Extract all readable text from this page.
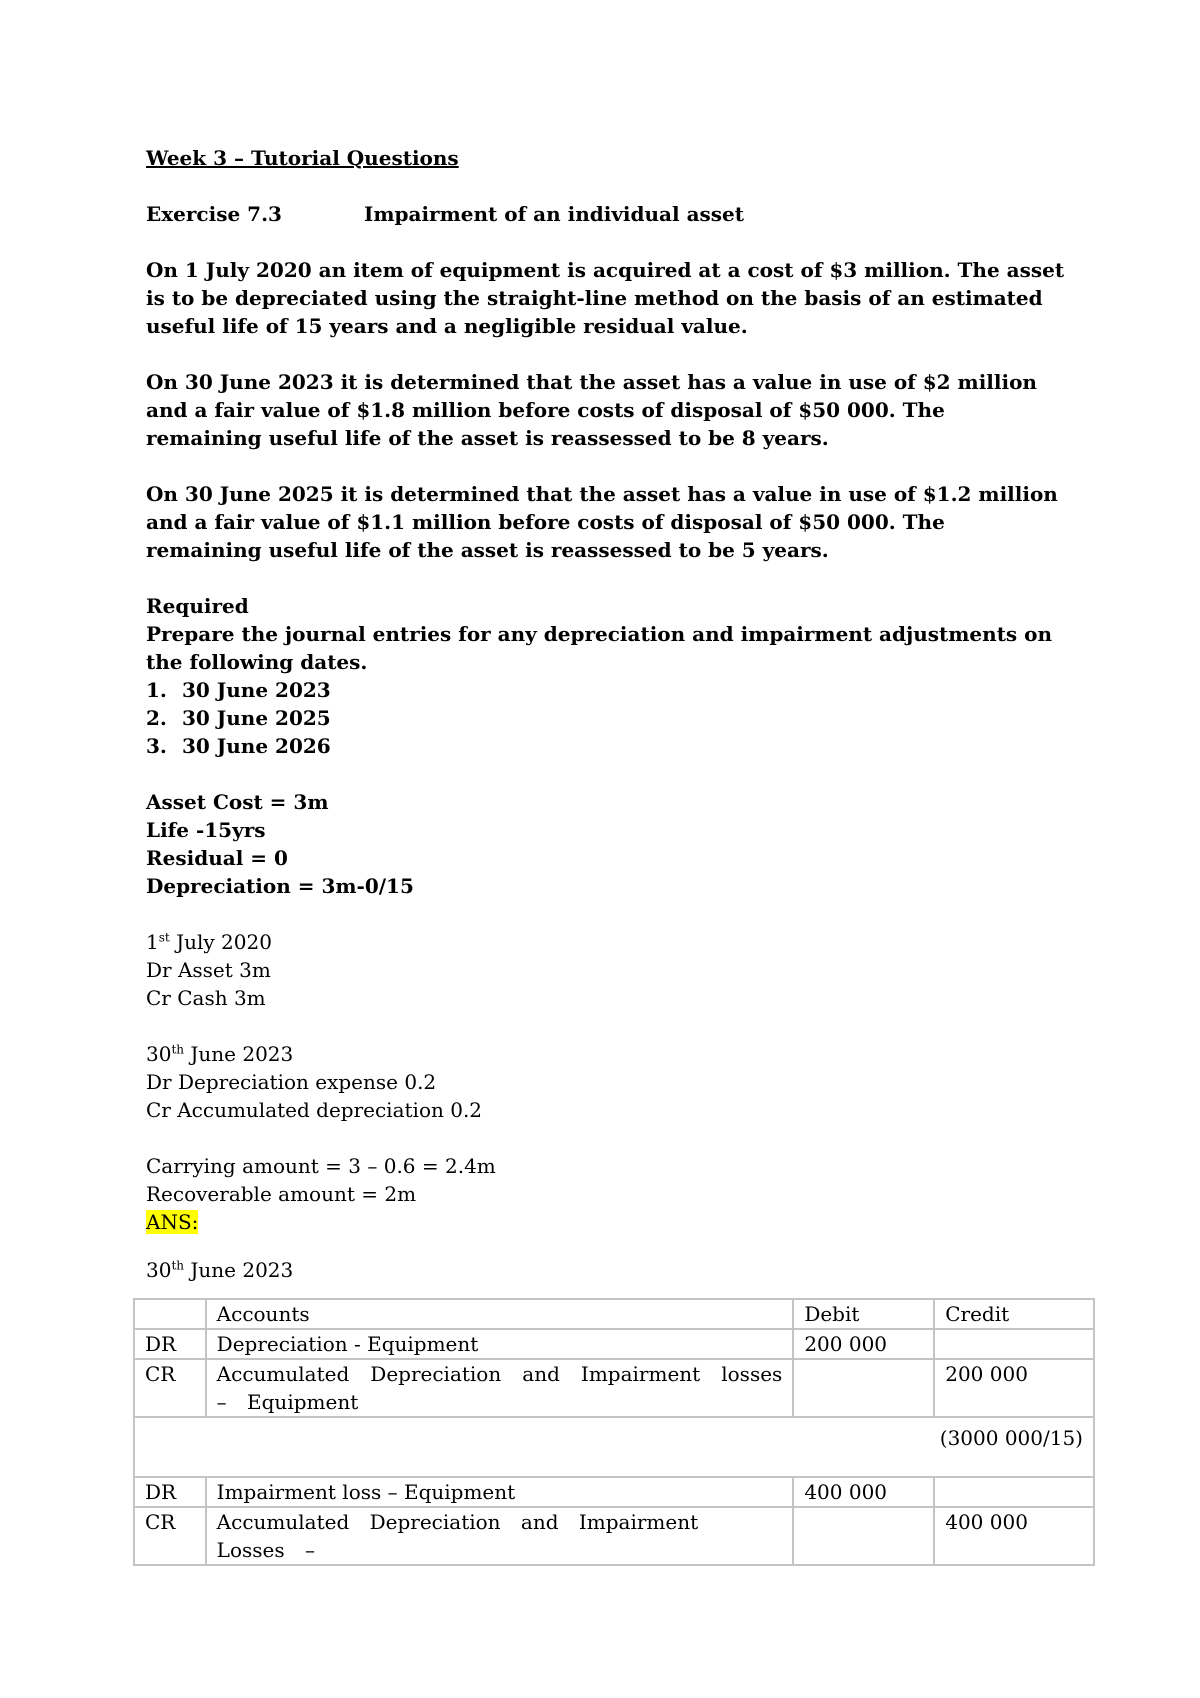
Week 3 – Tutorial Questions
Exercise 7.3	Impairment of an individual asset
On 1 July 2020 an item of equipment is acquired at a cost of $3 million. The asset is to be depreciated using the straight-line method on the basis of an estimated useful life of 15 years and a negligible residual value.
On 30 June 2023 it is determined that the asset has a value in use of $2 million and a fair value of $1.8 million before costs of disposal of $50 000. The remaining useful life of the asset is reassessed to be 8 years.
On 30 June 2025 it is determined that the asset has a value in use of $1.2 million and a fair value of $1.1 million before costs of disposal of $50 000. The remaining useful life of the asset is reassessed to be 5 years.
Required
Prepare the journal entries for any depreciation and impairment adjustments on the following dates.
1. 30 June 2023
2. 30 June 2025
3. 30 June 2026
Asset Cost = 3m
Life -15yrs
Residual = 0
Depreciation = 3m-0/15
1st July 2020
Dr Asset 3m
Cr Cash 3m
30th June 2023
Dr Depreciation expense 0.2
Cr Accumulated depreciation 0.2
Carrying amount = 3 – 0.6 = 2.4m
Recoverable amount = 2m
ANS:
30th June 2023
	Accounts	Debit	Credit
DR	Depreciation - Equipment	200 000	
CR	Accumulated Depreciation and Impairment losses – Equipment		200 000
(3000 000/15)			
DR	Impairment loss – Equipment	400 000	
CR	Accumulated Depreciation and Impairment Losses –		400 000
